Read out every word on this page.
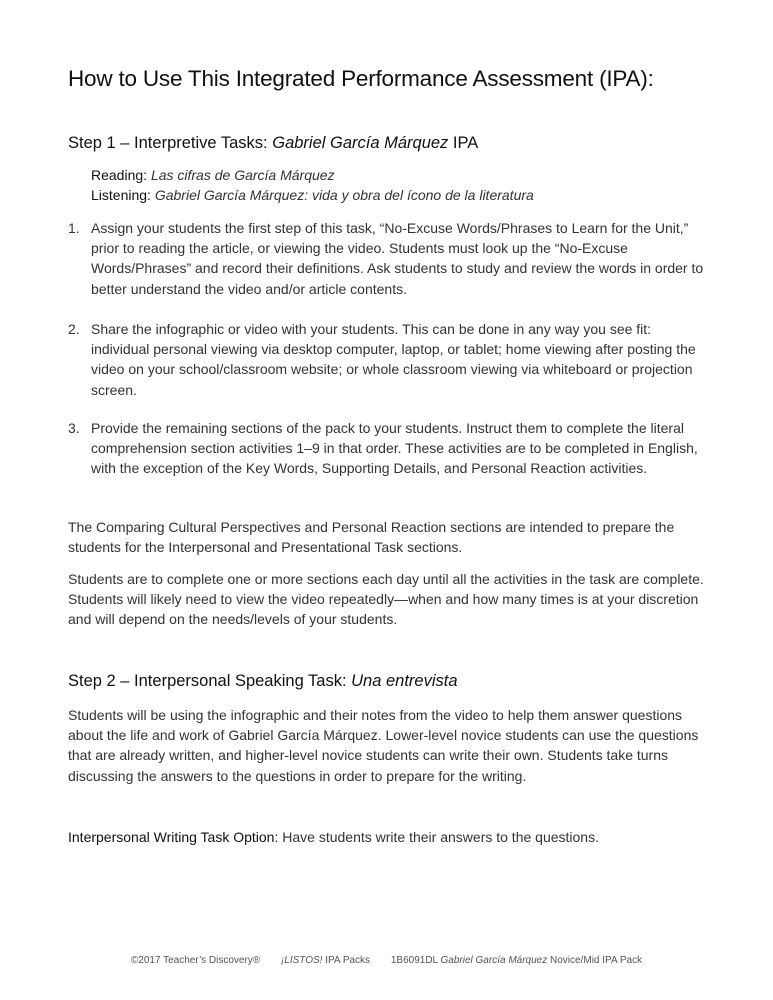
How to Use This Integrated Performance Assessment (IPA):
Step 1 – Interpretive Tasks: Gabriel García Márquez IPA
Reading: Las cifras de García Márquez
Listening: Gabriel García Márquez: vida y obra del ícono de la literatura
1. Assign your students the first step of this task, “No-Excuse Words/Phrases to Learn for the Unit,” prior to reading the article, or viewing the video. Students must look up the “No-Excuse Words/Phrases” and record their definitions. Ask students to study and review the words in order to better understand the video and/or article contents.
2. Share the infographic or video with your students. This can be done in any way you see fit: individual personal viewing via desktop computer, laptop, or tablet; home viewing after posting the video on your school/classroom website; or whole classroom viewing via whiteboard or projection screen.
3. Provide the remaining sections of the pack to your students. Instruct them to complete the literal comprehension section activities 1–9 in that order. These activities are to be completed in English, with the exception of the Key Words, Supporting Details, and Personal Reaction activities.
The Comparing Cultural Perspectives and Personal Reaction sections are intended to prepare the students for the Interpersonal and Presentational Task sections.
Students are to complete one or more sections each day until all the activities in the task are complete. Students will likely need to view the video repeatedly—when and how many times is at your discretion and will depend on the needs/levels of your students.
Step 2 – Interpersonal Speaking Task: Una entrevista
Students will be using the infographic and their notes from the video to help them answer questions about the life and work of Gabriel García Márquez. Lower-level novice students can use the questions that are already written, and higher-level novice students can write their own. Students take turns discussing the answers to the questions in order to prepare for the writing.
Interpersonal Writing Task Option: Have students write their answers to the questions.
©2017 Teacher’s Discovery® ¡LISTOS! IPA Packs 1B6091DL Gabriel García Márquez Novice/Mid IPA Pack
